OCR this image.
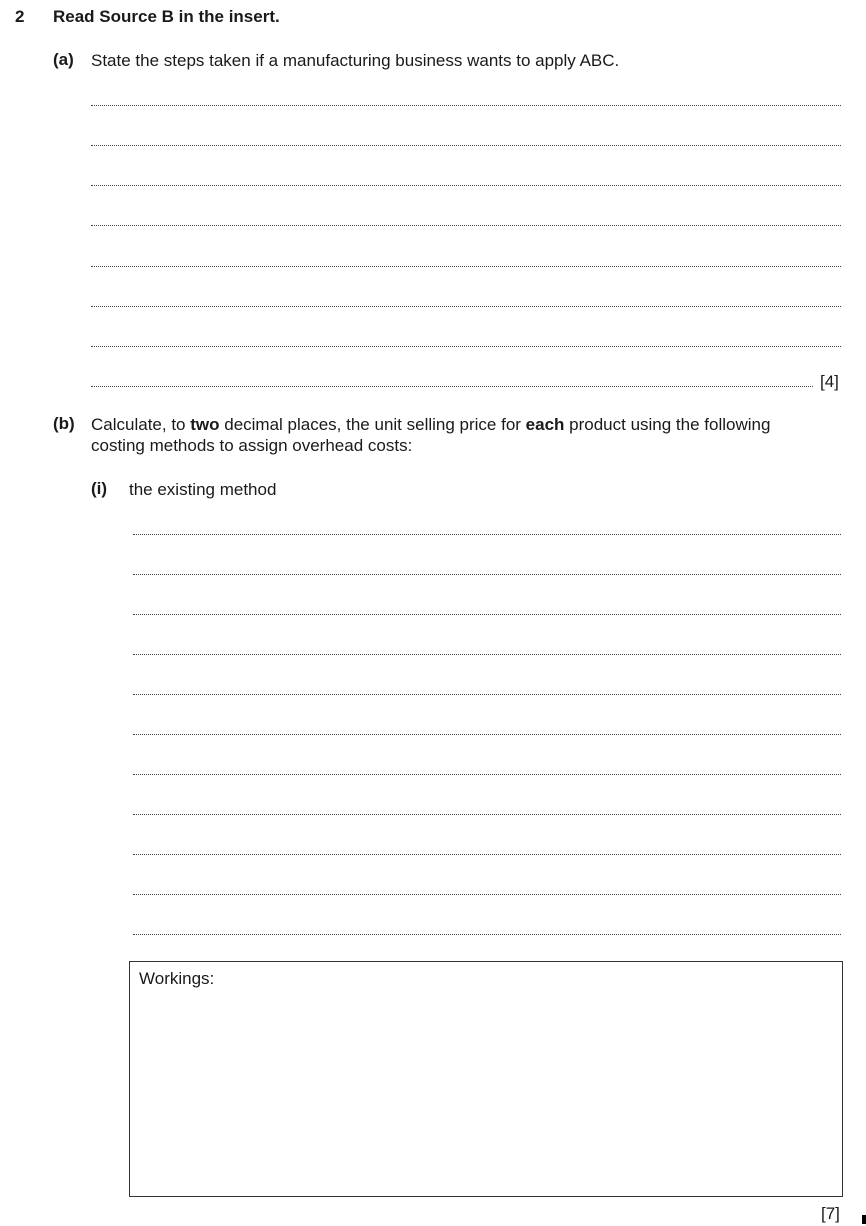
2 Read Source B in the insert.
(a) State the steps taken if a manufacturing business wants to apply ABC.
[4]
(b) Calculate, to two decimal places, the unit selling price for each product using the following
costing methods to assign overhead costs:
(i) the existing method
Workings:
[7]
